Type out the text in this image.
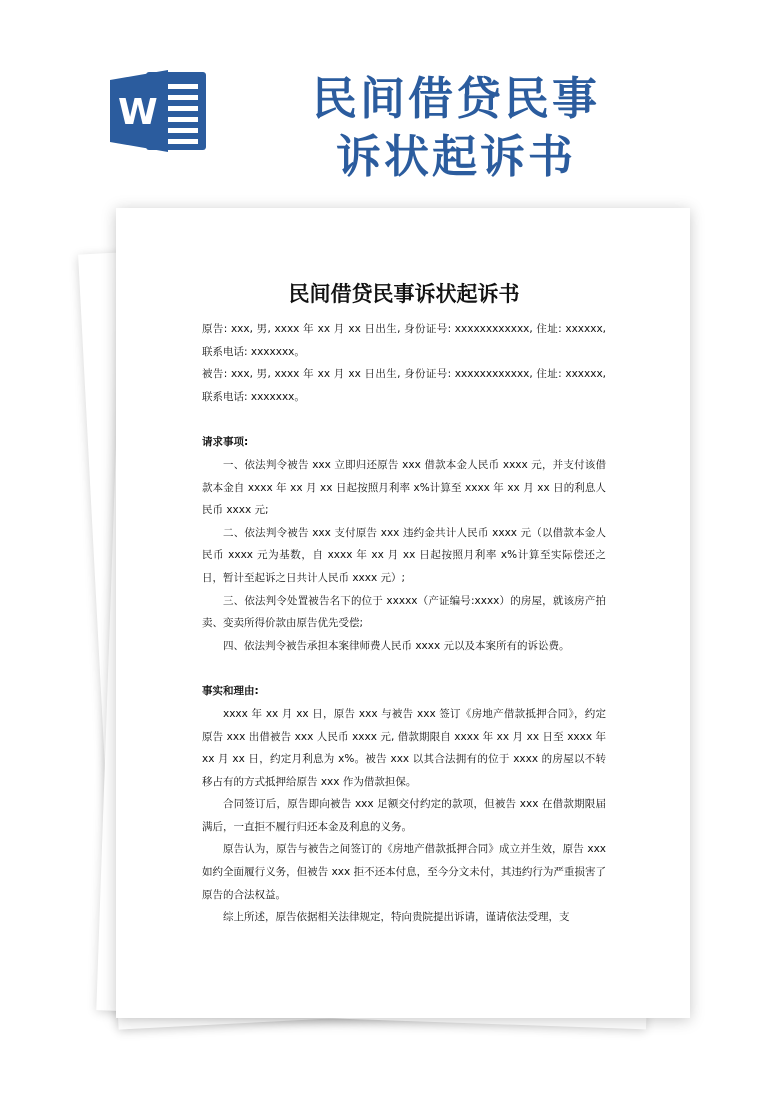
W	民间借贷民事
诉状起诉书
民间借贷民事诉状起诉书

原告: xxx, 男, xxxx 年 xx 月 xx 日出生, 身份证号: xxxxxxxxxxxx, 住址: xxxxxx, 联系电话: xxxxxxx。

被告: xxx, 男, xxxx 年 xx 月 xx 日出生, 身份证号: xxxxxxxxxxxx, 住址: xxxxxx, 联系电话: xxxxxxx。

请求事项:

一、依法判令被告 xxx 立即归还原告 xxx 借款本金人民币 xxxx 元，并支付该借款本金自 xxxx 年 xx 月 xx 日起按照月利率 x%计算至 xxxx 年 xx 月 xx 日的利息人民币 xxxx 元;

二、依法判令被告 xxx 支付原告 xxx 违约金共计人民币 xxxx 元（以借款本金人民币 xxxx 元为基数，自 xxxx 年 xx 月 xx 日起按照月利率 x%计算至实际偿还之日，暂计至起诉之日共计人民币 xxxx 元）;

三、依法判令处置被告名下的位于 xxxxx（产证编号:xxxx）的房屋，就该房产拍卖、变卖所得价款由原告优先受偿;

四、依法判令被告承担本案律师费人民币 xxxx 元以及本案所有的诉讼费。

事实和理由:

xxxx 年 xx 月 xx 日，原告 xxx 与被告 xxx 签订《房地产借款抵押合同》，约定原告 xxx 出借被告 xxx 人民币 xxxx 元, 借款期限自 xxxx 年 xx 月 xx 日至 xxxx 年 xx 月 xx 日，约定月利息为 x%。被告 xxx 以其合法拥有的位于 xxxx 的房屋以不转移占有的方式抵押给原告 xxx 作为借款担保。

合同签订后，原告即向被告 xxx 足额交付约定的款项，但被告 xxx 在借款期限届满后，一直拒不履行归还本金及利息的义务。

原告认为，原告与被告之间签订的《房地产借款抵押合同》成立并生效，原告 xxx 如约全面履行义务，但被告 xxx 拒不还本付息，至今分文未付，其违约行为严重损害了原告的合法权益。

综上所述，原告依据相关法律规定，特向贵院提出诉请，谨请依法受理，支
